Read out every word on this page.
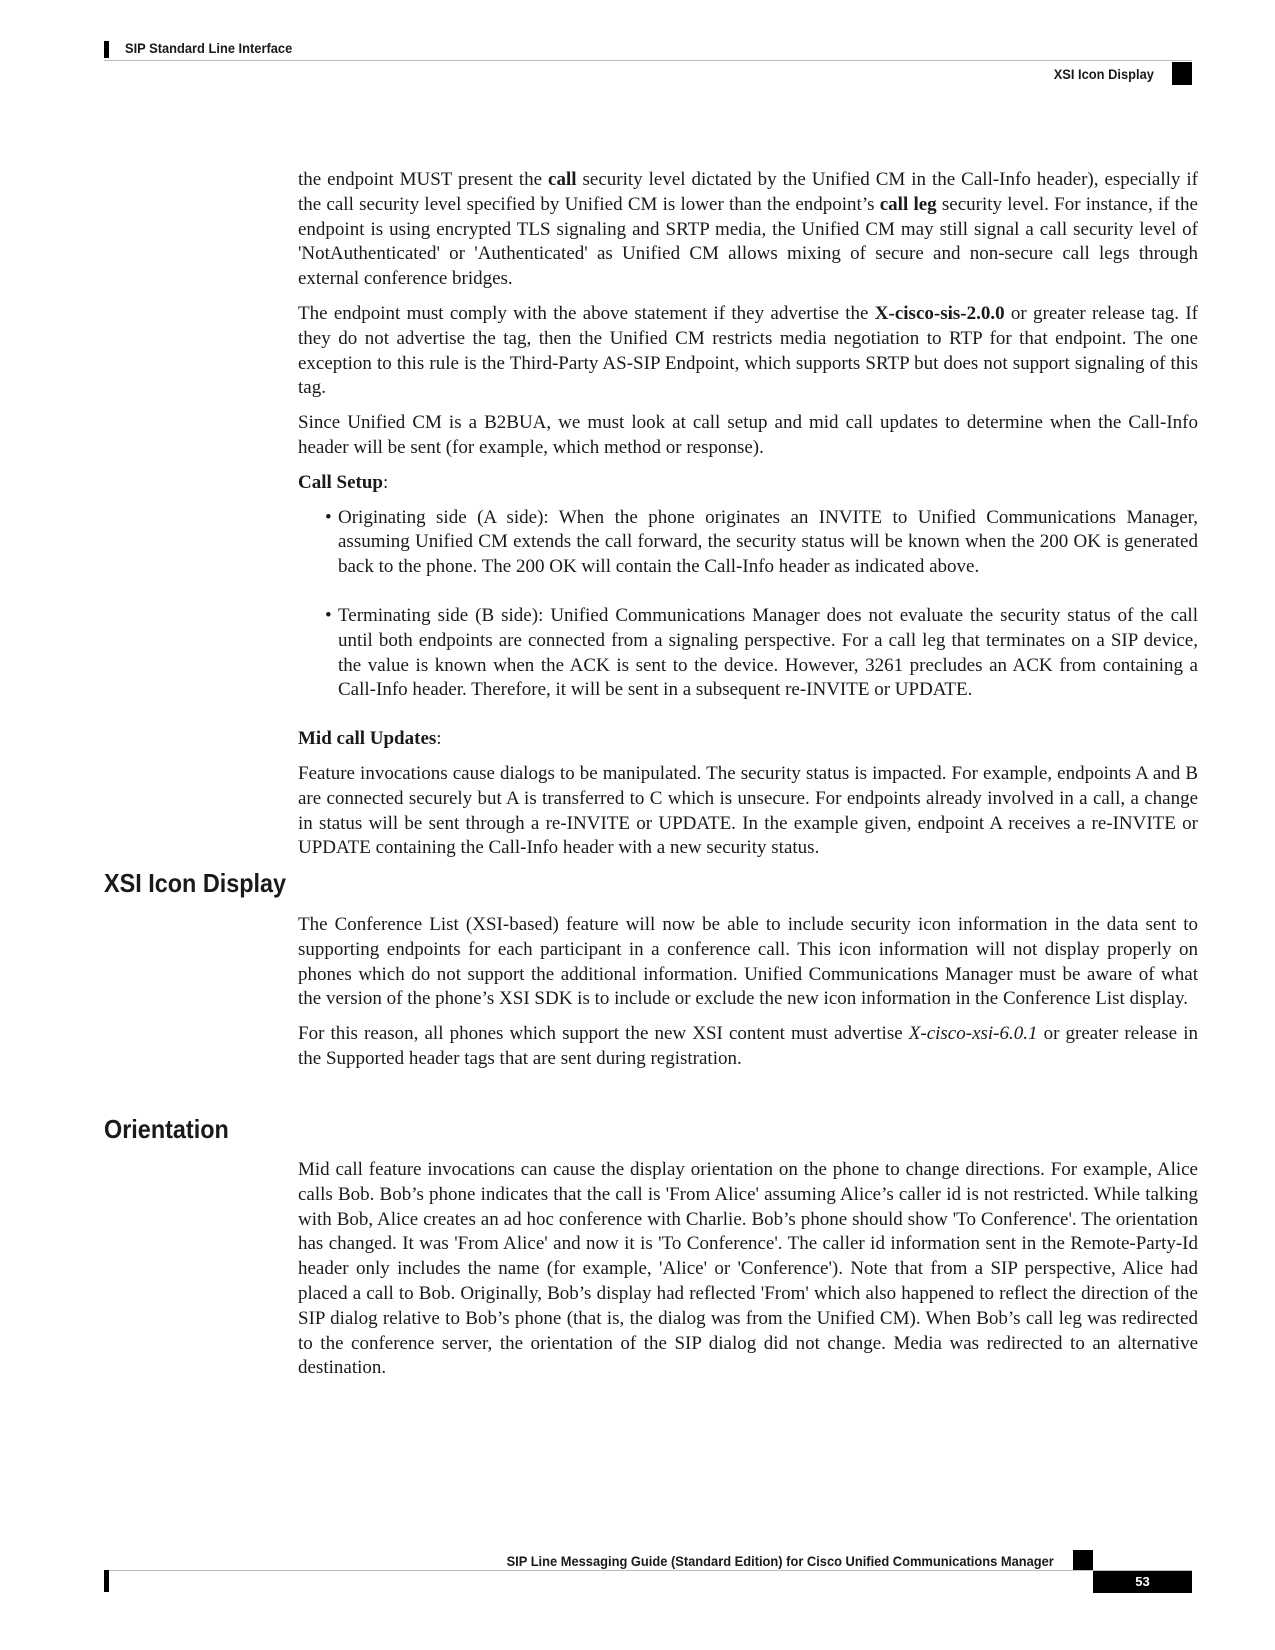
SIP Standard Line Interface
XSI Icon Display

the endpoint MUST present the call security level dictated by the Unified CM in the Call-Info header), especially if the call security level specified by Unified CM is lower than the endpoint’s call leg security level. For instance, if the endpoint is using encrypted TLS signaling and SRTP media, the Unified CM may still signal a call security level of 'NotAuthenticated' or 'Authenticated' as Unified CM allows mixing of secure and non-secure call legs through external conference bridges.

The endpoint must comply with the above statement if they advertise the X-cisco-sis-2.0.0 or greater release tag. If they do not advertise the tag, then the Unified CM restricts media negotiation to RTP for that endpoint. The one exception to this rule is the Third-Party AS-SIP Endpoint, which supports SRTP but does not support signaling of this tag.

Since Unified CM is a B2BUA, we must look at call setup and mid call updates to determine when the Call-Info header will be sent (for example, which method or response).

Call Setup:
• Originating side (A side): When the phone originates an INVITE to Unified Communications Manager, assuming Unified CM extends the call forward, the security status will be known when the 200 OK is generated back to the phone. The 200 OK will contain the Call-Info header as indicated above.
• Terminating side (B side): Unified Communications Manager does not evaluate the security status of the call until both endpoints are connected from a signaling perspective. For a call leg that terminates on a SIP device, the value is known when the ACK is sent to the device. However, 3261 precludes an ACK from containing a Call-Info header. Therefore, it will be sent in a subsequent re-INVITE or UPDATE.
Mid call Updates:

Feature invocations cause dialogs to be manipulated. The security status is impacted. For example, endpoints A and B are connected securely but A is transferred to C which is unsecure. For endpoints already involved in a call, a change in status will be sent through a re-INVITE or UPDATE. In the example given, endpoint A receives a re-INVITE or UPDATE containing the Call-Info header with a new security status.

XSI Icon Display

The Conference List (XSI-based) feature will now be able to include security icon information in the data sent to supporting endpoints for each participant in a conference call. This icon information will not display properly on phones which do not support the additional information. Unified Communications Manager must be aware of what the version of the phone’s XSI SDK is to include or exclude the new icon information in the Conference List display.

For this reason, all phones which support the new XSI content must advertise X-cisco-xsi-6.0.1 or greater release in the Supported header tags that are sent during registration.

Orientation

Mid call feature invocations can cause the display orientation on the phone to change directions. For example, Alice calls Bob. Bob’s phone indicates that the call is 'From Alice' assuming Alice’s caller id is not restricted. While talking with Bob, Alice creates an ad hoc conference with Charlie. Bob’s phone should show 'To Conference'. The orientation has changed. It was 'From Alice' and now it is 'To Conference'. The caller id information sent in the Remote-Party-Id header only includes the name (for example, 'Alice' or 'Conference'). Note that from a SIP perspective, Alice had placed a call to Bob. Originally, Bob’s display had reflected 'From' which also happened to reflect the direction of the SIP dialog relative to Bob’s phone (that is, the dialog was from the Unified CM). When Bob’s call leg was redirected to the conference server, the orientation of the SIP dialog did not change. Media was redirected to an alternative destination.

SIP Line Messaging Guide (Standard Edition) for Cisco Unified Communications Manager
53
